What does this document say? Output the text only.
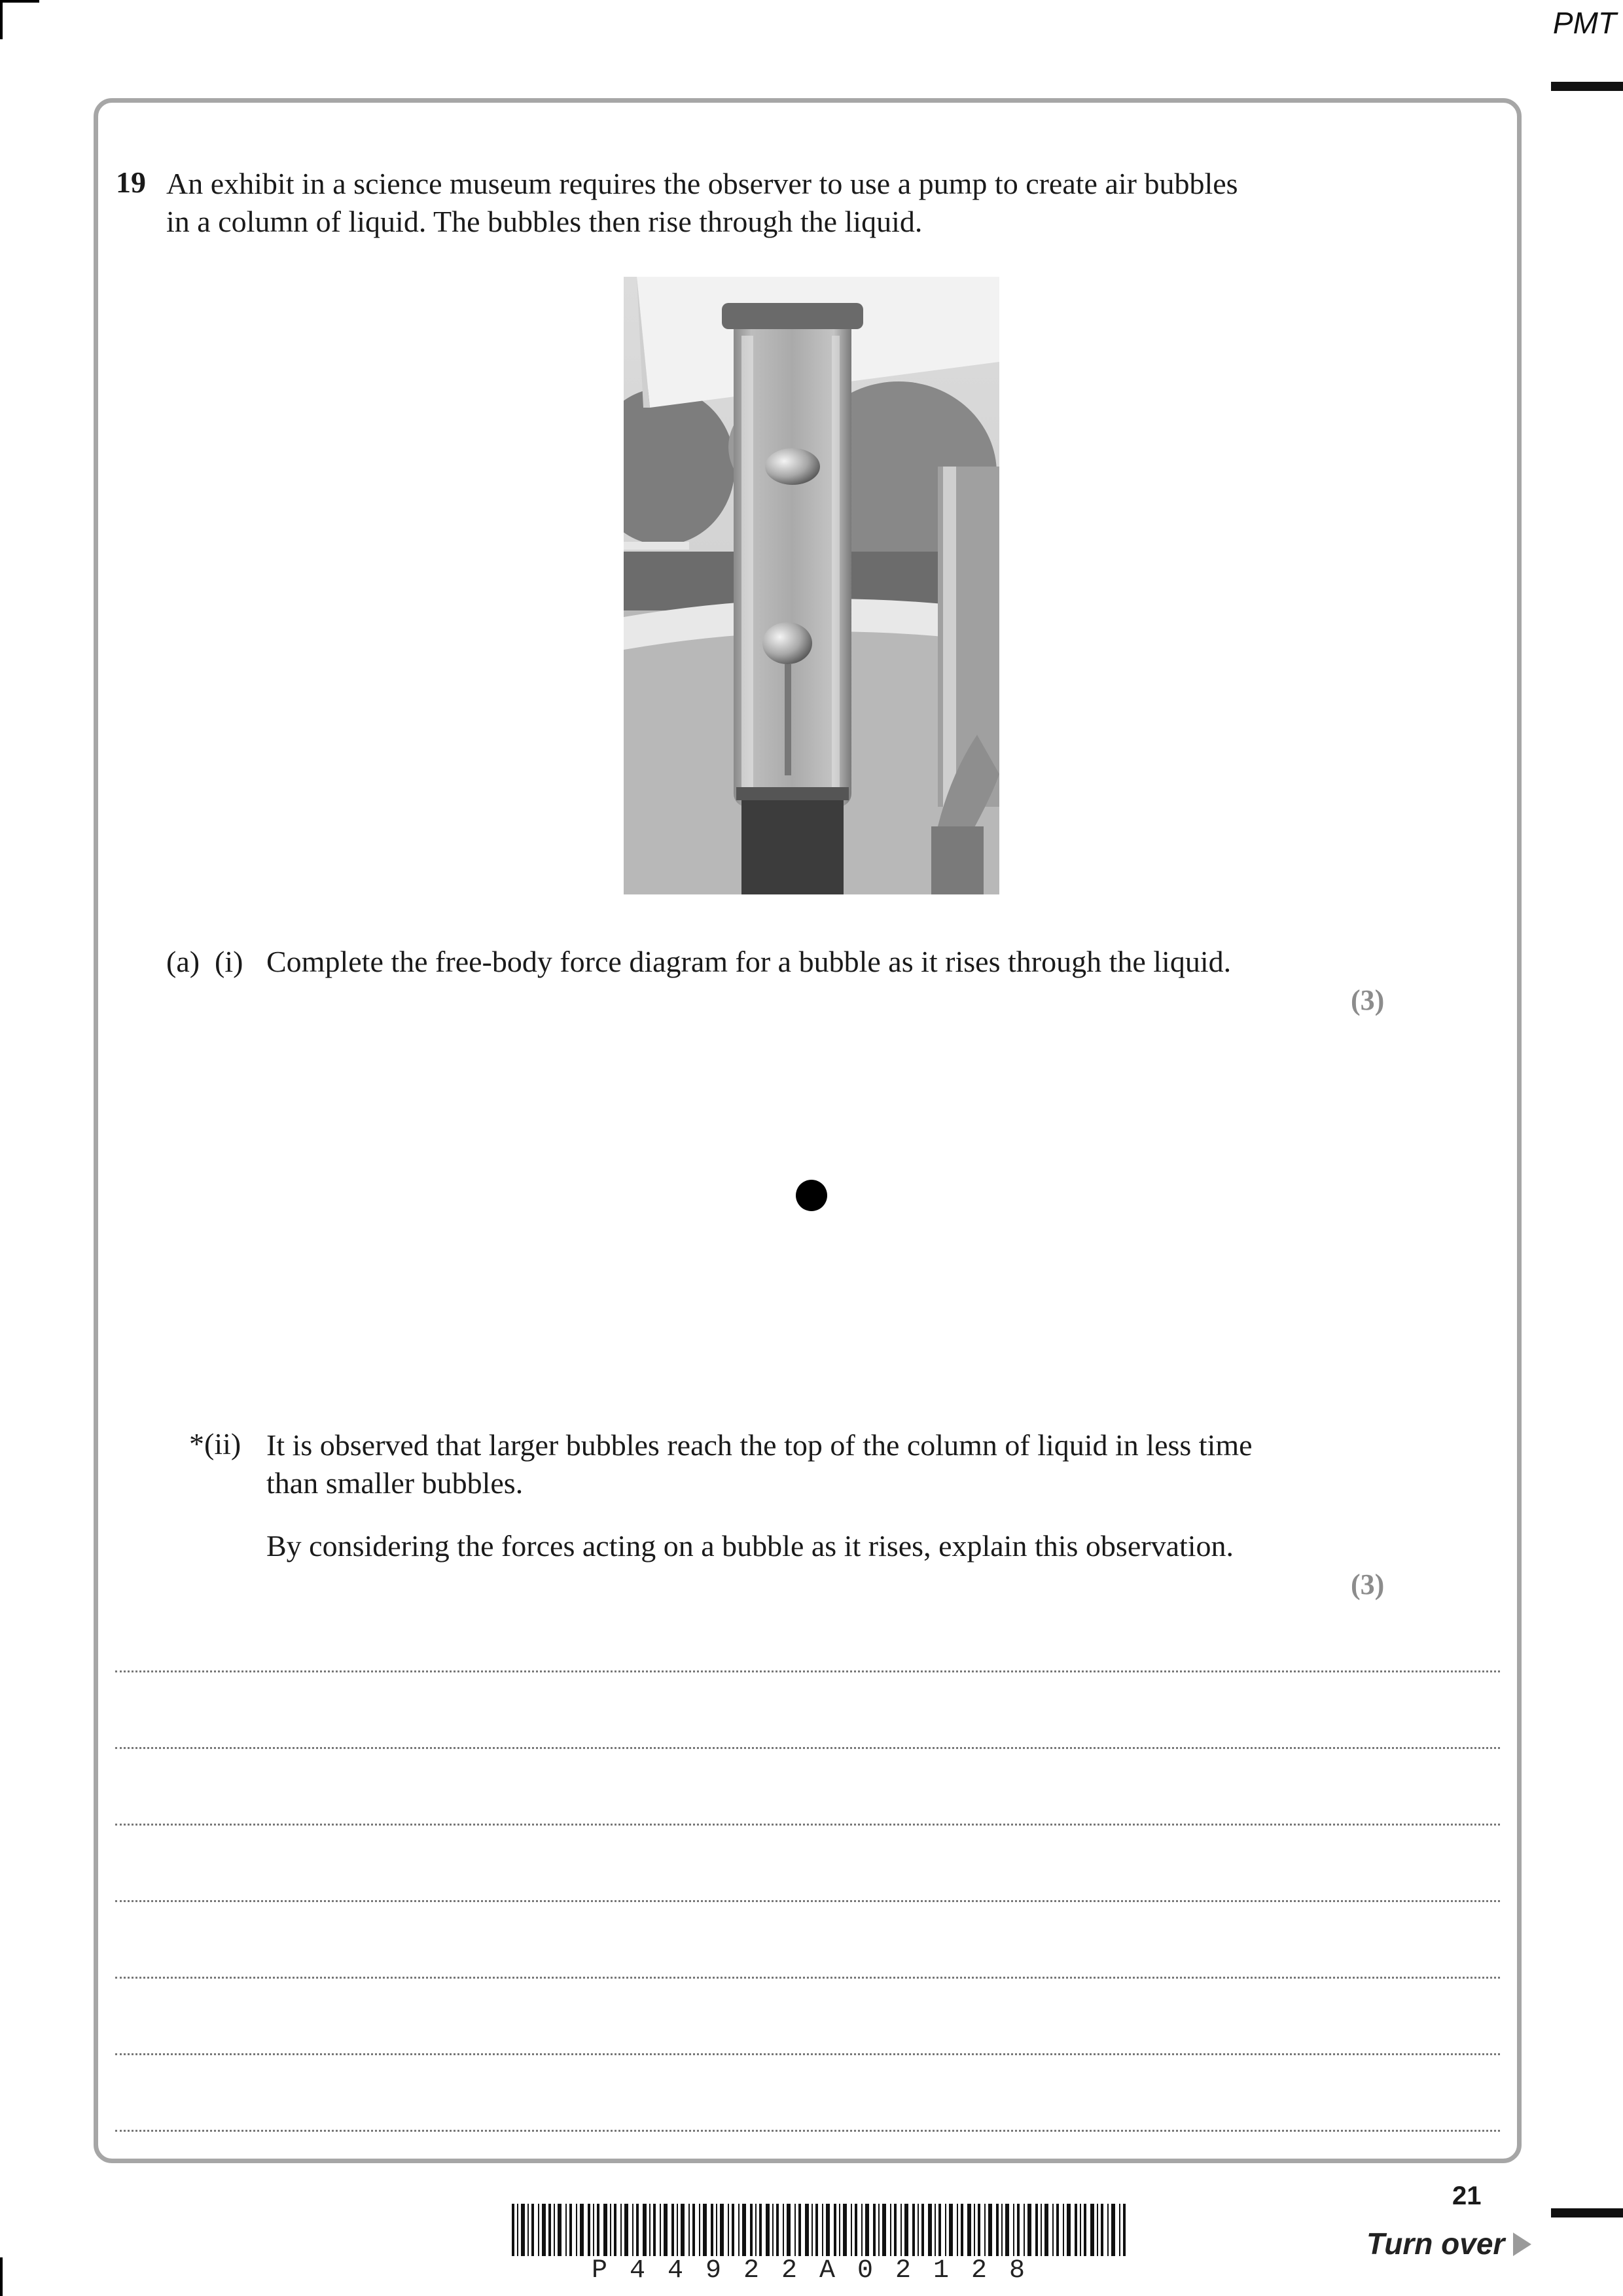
PMT
19 An exhibit in a science museum requires the observer to use a pump to create air bubbles
in a column of liquid. The bubbles then rise through the liquid.
(a) (i) Complete the free-body force diagram for a bubble as it rises through the liquid.
(3)
*(ii) It is observed that larger bubbles reach the top of the column of liquid in less time
than smaller bubbles.
By considering the forces acting on a bubble as it rises, explain this observation.
(3)
21
Turn over
P44922A02128
